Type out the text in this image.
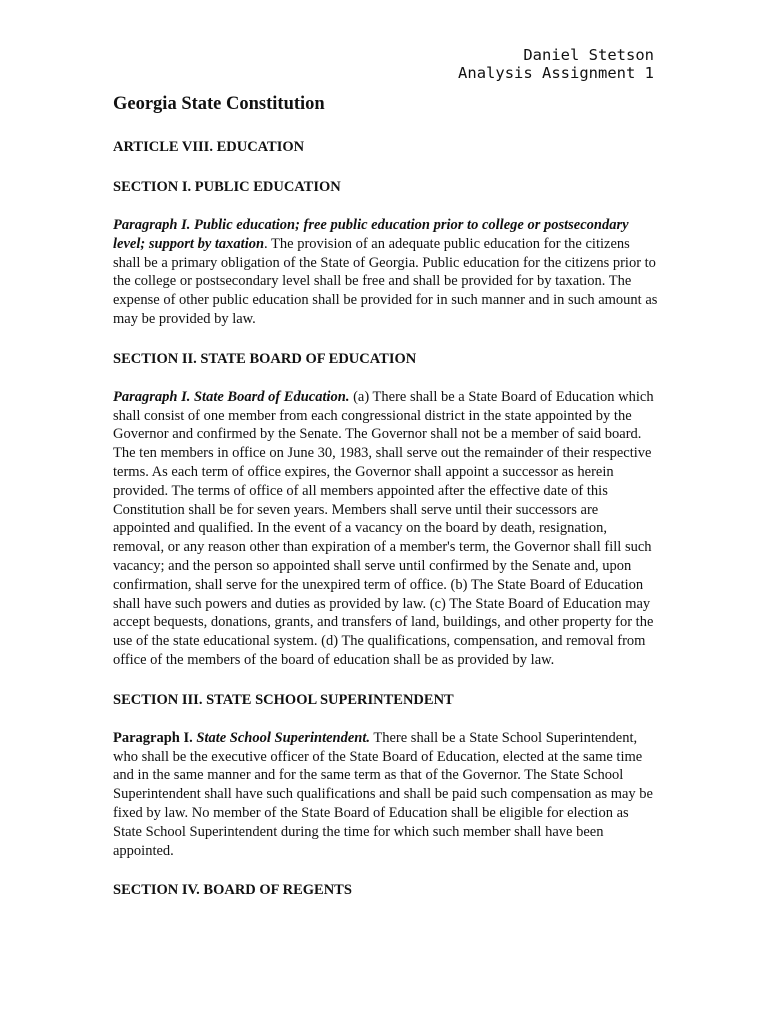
Daniel Stetson
Analysis Assignment 1
Georgia State Constitution

ARTICLE VIII. EDUCATION

SECTION I. PUBLIC EDUCATION

Paragraph I. Public education; free public education prior to college or postsecondary level; support by taxation. The provision of an adequate public education for the citizens shall be a primary obligation of the State of Georgia. Public education for the citizens prior to the college or postsecondary level shall be free and shall be provided for by taxation. The expense of other public education shall be provided for in such manner and in such amount as may be provided by law.

SECTION II. STATE BOARD OF EDUCATION

Paragraph I. State Board of Education. (a) There shall be a State Board of Education which shall consist of one member from each congressional district in the state appointed by the Governor and confirmed by the Senate. The Governor shall not be a member of said board. The ten members in office on June 30, 1983, shall serve out the remainder of their respective terms. As each term of office expires, the Governor shall appoint a successor as herein provided. The terms of office of all members appointed after the effective date of this Constitution shall be for seven years. Members shall serve until their successors are appointed and qualified. In the event of a vacancy on the board by death, resignation, removal, or any reason other than expiration of a member's term, the Governor shall fill such vacancy; and the person so appointed shall serve until confirmed by the Senate and, upon confirmation, shall serve for the unexpired term of office. (b) The State Board of Education shall have such powers and duties as provided by law. (c) The State Board of Education may accept bequests, donations, grants, and transfers of land, buildings, and other property for the use of the state educational system. (d) The qualifications, compensation, and removal from office of the members of the board of education shall be as provided by law.

SECTION III. STATE SCHOOL SUPERINTENDENT

Paragraph I. State School Superintendent. There shall be a State School Superintendent, who shall be the executive officer of the State Board of Education, elected at the same time and in the same manner and for the same term as that of the Governor. The State School Superintendent shall have such qualifications and shall be paid such compensation as may be fixed by law. No member of the State Board of Education shall be eligible for election as State School Superintendent during the time for which such member shall have been appointed.

SECTION IV. BOARD OF REGENTS
